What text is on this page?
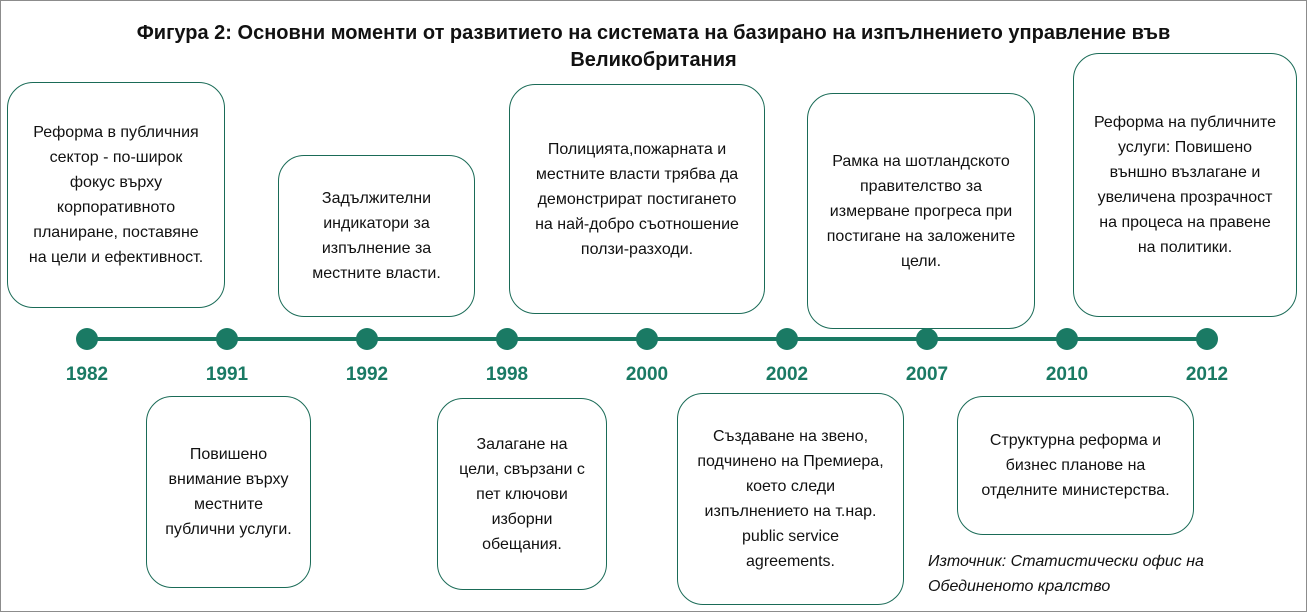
Фигура 2: Основни моменти от развитието на системата на базирано на изпълнението управление във Великобритания
Реформа в публичния сектор - по-широк фокус върху корпоративното планиране, поставяне на цели и ефективност.
Задължителни индикатори за изпълнение за местните власти.
Полицията,пожарната и местните власти трябва да демонстрират постигането на най-добро съотношение ползи-разходи.
Рамка на шотландското правителство за измерване прогреса при постигане на заложените цели.
Реформа на публичните услуги: Повишено външно възлагане и увеличена прозрачност на процеса на правене на политики.
1982	1991	1992	1998	2000	2002	2007	2010	2012
Повишено внимание върху местните публични услуги.
Залагане на цели, свързани с пет ключови изборни обещания.
Създаване на звено, подчинено на Премиера, което следи изпълнението на т.нар. public service agreements.
Структурна реформа и бизнес планове на отделните министерства.
Източник: Статистически офис на Обединеното кралство
